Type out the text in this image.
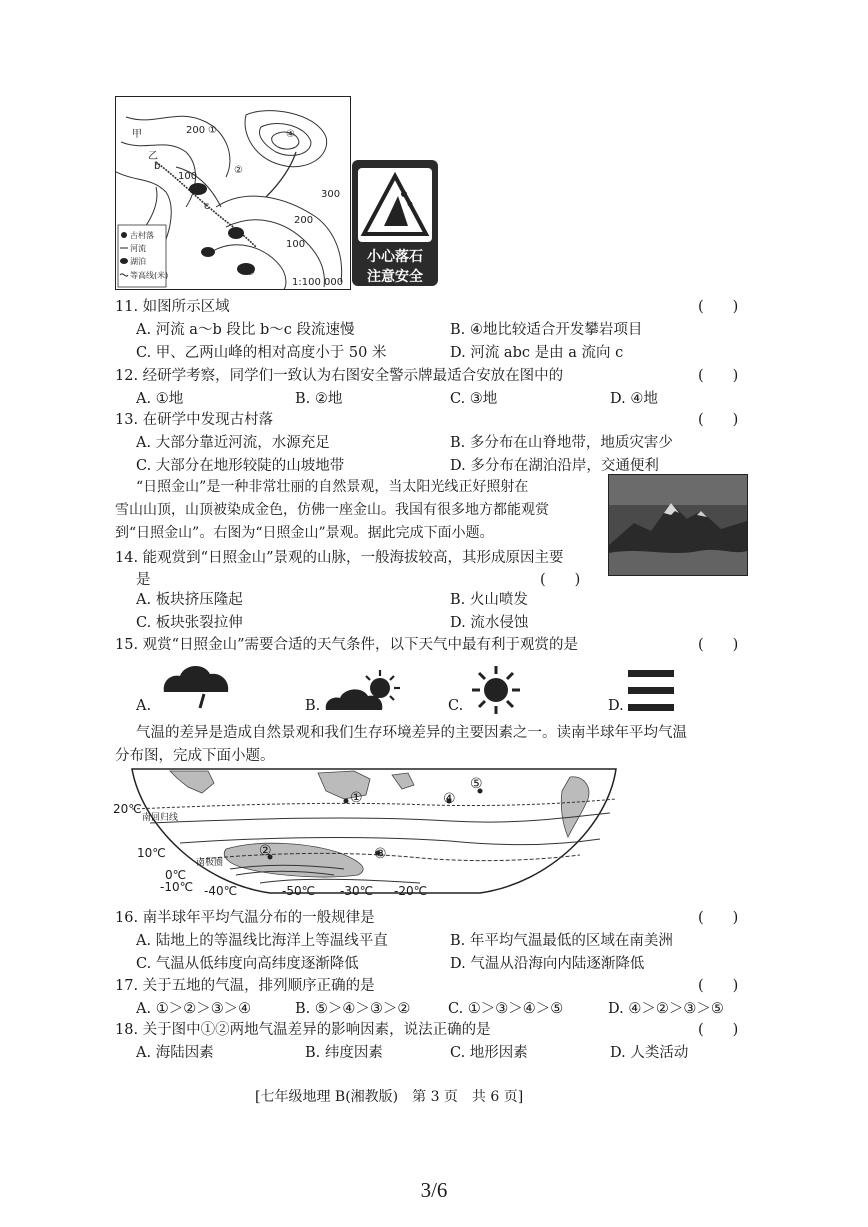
甲
乙
200
100
300
200
100
①
②
③
④
b
c
1:100 000
古村落
河流
湖泊
等高线(米)
小心落石
注意安全
11. 如图所示区域	(　　)
A. 河流 a～b 段比 b～c 段流速慢	B. ④地比较适合开发攀岩项目
C. 甲、乙两山峰的相对高度小于 50 米	D. 河流 abc 是由 a 流向 c
12. 经研学考察，同学们一致认为右图安全警示牌最适合安放在图中的	(　　)
A. ①地	B. ②地	C. ③地	D. ④地
13. 在研学中发现古村落	(　　)
A. 大部分靠近河流，水源充足	B. 多分布在山脊地带，地质灾害少
C. 大部分在地形较陡的山坡地带	D. 多分布在湖泊沿岸，交通便利
“日照金山”是一种非常壮丽的自然景观，当太阳光线正好照射在
雪山山顶，山顶被染成金色，仿佛一座金山。我国有很多地方都能观赏
到“日照金山”。右图为“日照金山”景观。据此完成下面小题。
14. 能观赏到“日照金山”景观的山脉，一般海拔较高，其形成原因主要
是	(　　)
A. 板块挤压隆起	B. 火山喷发
C. 板块张裂拉伸	D. 流水侵蚀
15. 观赏“日照金山”需要合适的天气条件，以下天气中最有利于观赏的是	(　　)
A.	B.	C.	D.
气温的差异是造成自然景观和我们生存环境差异的主要因素之一。读南半球年平均气温
分布图，完成下面小题。
20℃
10℃
0℃
-10℃
南回归线
南极圈
①
②	③
④
⑤
-40℃	-50℃ -30℃ -20℃
16. 南半球年平均气温分布的一般规律是	(　　)
A. 陆地上的等温线比海洋上等温线平直	B. 年平均气温最低的区域在南美洲
C. 气温从低纬度向高纬度逐渐降低	D. 气温从沿海向内陆逐渐降低
17. 关于五地的气温，排列顺序正确的是	(　　)
A. ①＞②＞③＞④	B. ⑤＞④＞③＞②	C. ①＞③＞④＞⑤	D. ④＞②＞③＞⑤
18. 关于图中①②两地气温差异的影响因素，说法正确的是	(　　)
A. 海陆因素	B. 纬度因素	C. 地形因素	D. 人类活动
[七年级地理 B(湘教版)　第 3 页　共 6 页]
3/6
